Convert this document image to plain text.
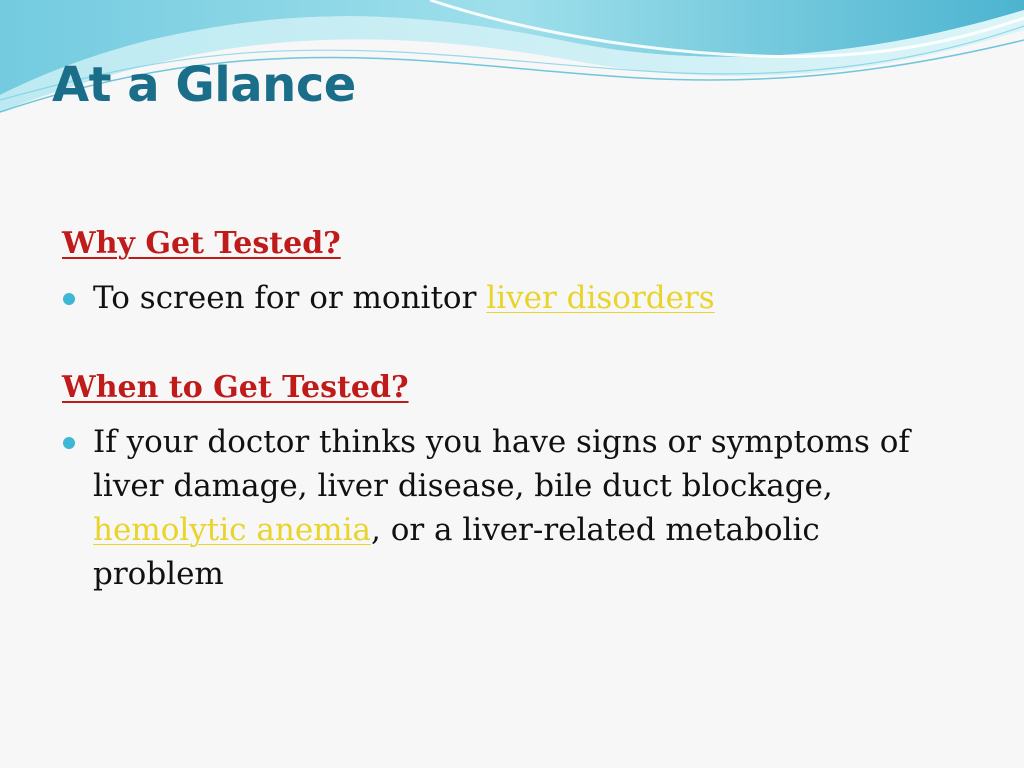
At a Glance
Why Get Tested?
To screen for or monitor liver disorders
When to Get Tested?
If your doctor thinks you have signs or symptoms of liver damage, liver disease, bile duct blockage, hemolytic anemia, or a liver-related metabolic problem
